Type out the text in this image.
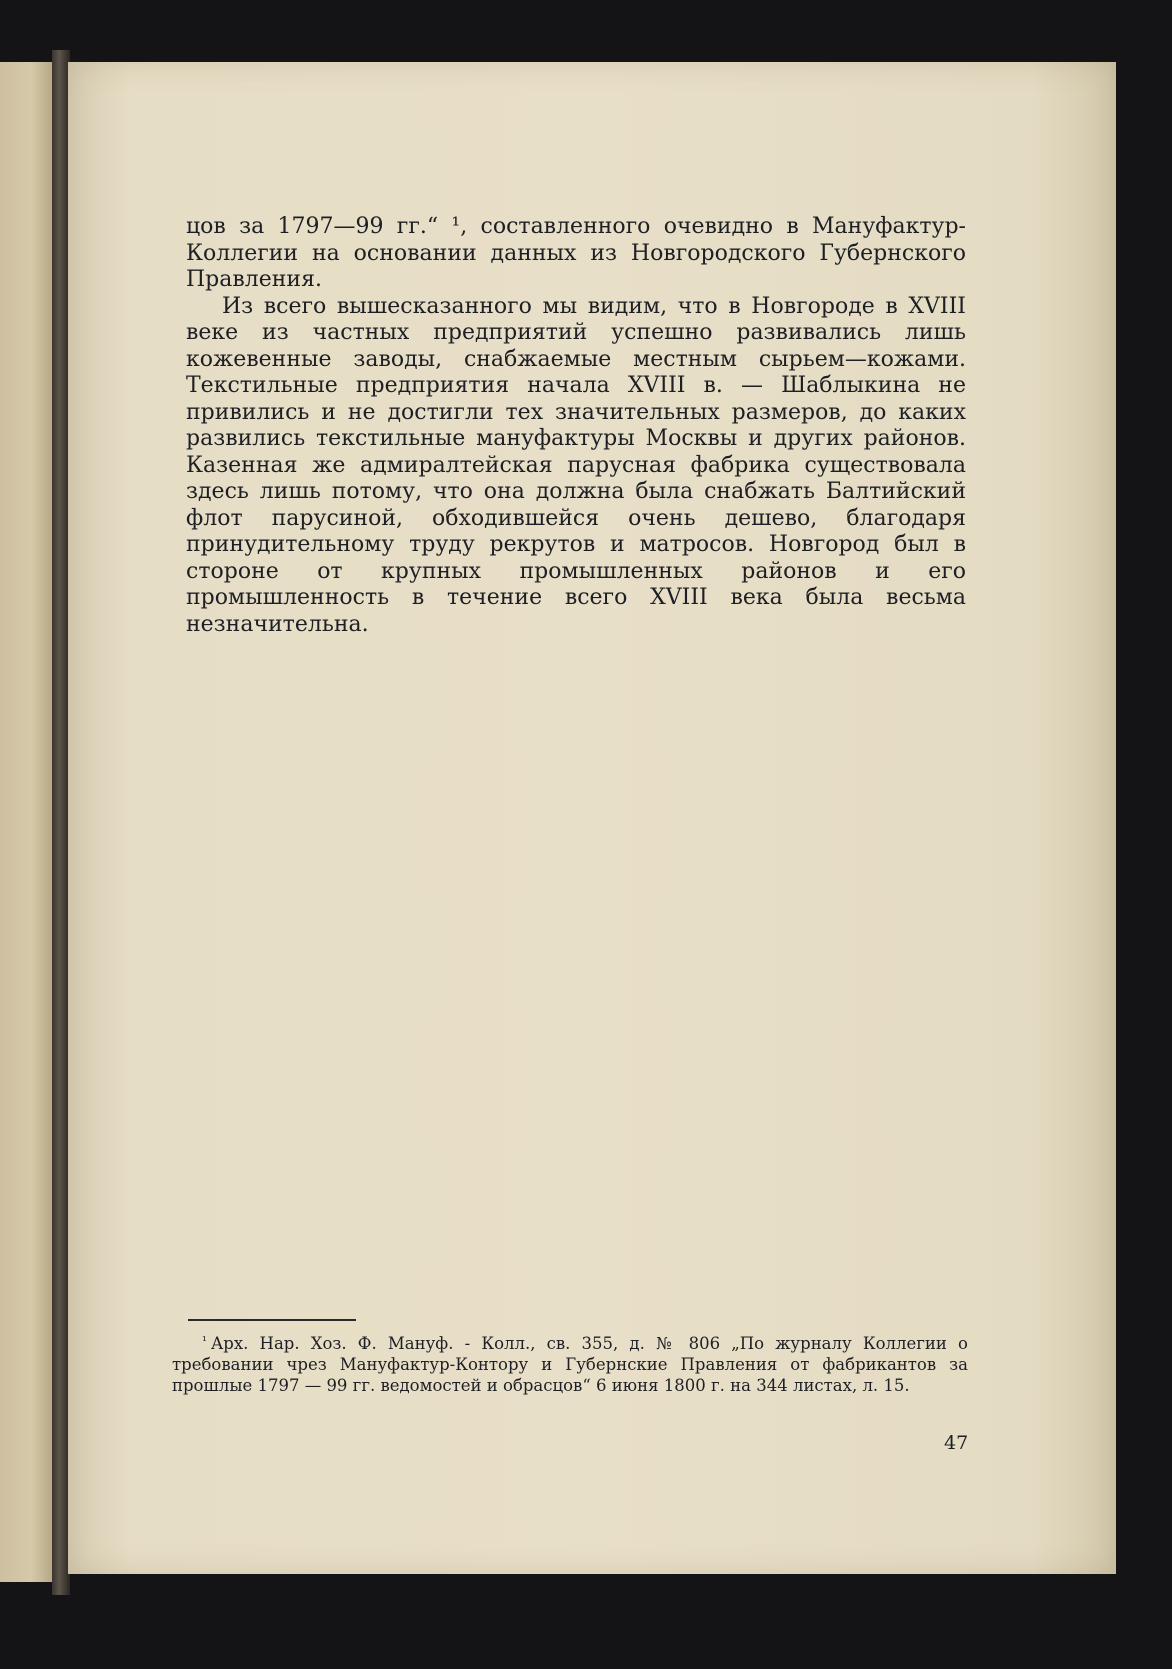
цов за 1797—99 гг.“ ¹, составленного очевидно в Мануфактур-Коллегии на основании данных из Новгородского Губернского Правления.

Из всего вышесказанного мы видим, что в Новгороде в XVIII веке из частных предприятий успешно развивались лишь кожевенные заводы, снабжаемые местным сырьем—кожами. Текстильные предприятия начала XVIII в. — Шаблыкина не привились и не достигли тех значительных размеров, до каких развились текстильные мануфактуры Москвы и других районов. Казенная же адмиралтейская парусная фабрика существовала здесь лишь потому, что она должна была снабжать Балтийский флот парусиной, обходившейся очень дешево, благодаря принудительному труду рекрутов и матросов. Новгород был в стороне от крупных промышленных районов и его промышленность в течение всего XVIII века была весьма незначительна.

$^{^1}$ Арх. Нар. Хоз. Ф. Мануф. - Колл., св. 355, д. № 806 „По журналу Коллегии о требовании чрез Мануфактур-Контору и Губернские Правления от фабрикантов за прошлые 1797 — 99 гг. ведомостей и обрасцов“ 6 июня 1800 г. на 344 листах, л. 15.

47
